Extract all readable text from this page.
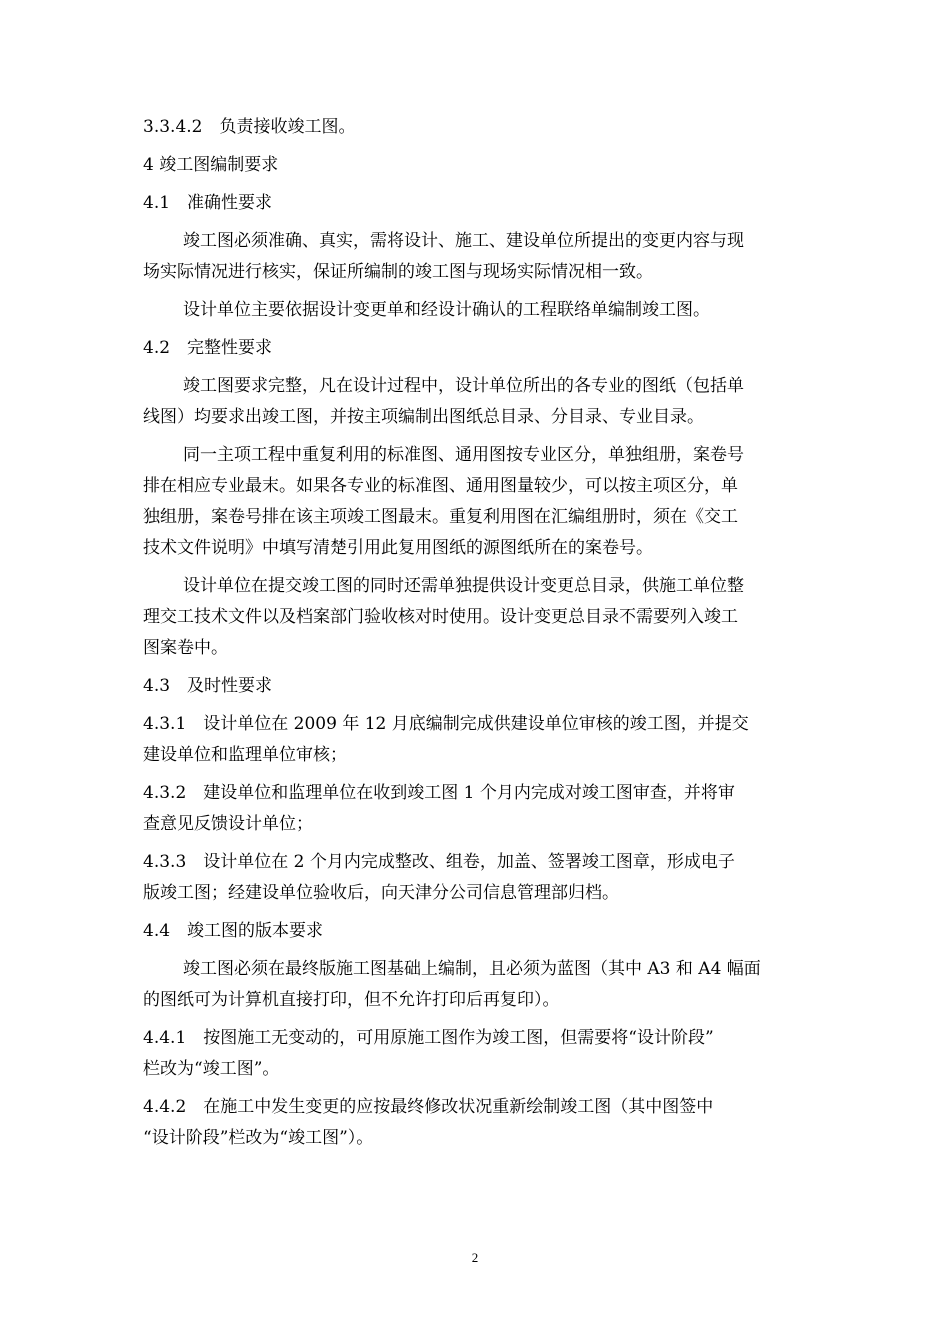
3.3.4.2　负责接收竣工图。
4 竣工图编制要求
4.1　准确性要求
竣工图必须准确、真实，需将设计、施工、建设单位所提出的变更内容与现
场实际情况进行核实，保证所编制的竣工图与现场实际情况相一致。
设计单位主要依据设计变更单和经设计确认的工程联络单编制竣工图。
4.2　完整性要求
竣工图要求完整，凡在设计过程中，设计单位所出的各专业的图纸（包括单
线图）均要求出竣工图，并按主项编制出图纸总目录、分目录、专业目录。
同一主项工程中重复利用的标准图、通用图按专业区分，单独组册，案卷号
排在相应专业最末。如果各专业的标准图、通用图量较少，可以按主项区分，单
独组册，案卷号排在该主项竣工图最末。重复利用图在汇编组册时，须在《交工
技术文件说明》中填写清楚引用此复用图纸的源图纸所在的案卷号。
设计单位在提交竣工图的同时还需单独提供设计变更总目录，供施工单位整
理交工技术文件以及档案部门验收核对时使用。设计变更总目录不需要列入竣工
图案卷中。
4.3　及时性要求
4.3.1　设计单位在 2009 年 12 月底编制完成供建设单位审核的竣工图，并提交
建设单位和监理单位审核；
4.3.2　建设单位和监理单位在收到竣工图 1 个月内完成对竣工图审查，并将审
查意见反馈设计单位；
4.3.3　设计单位在 2 个月内完成整改、组卷，加盖、签署竣工图章，形成电子
版竣工图；经建设单位验收后，向天津分公司信息管理部归档。
4.4　竣工图的版本要求
竣工图必须在最终版施工图基础上编制，且必须为蓝图（其中 A3 和 A4 幅面
的图纸可为计算机直接打印，但不允许打印后再复印）。
4.4.1　按图施工无变动的，可用原施工图作为竣工图，但需要将“设计阶段”
栏改为“竣工图”。
4.4.2　在施工中发生变更的应按最终修改状况重新绘制竣工图（其中图签中
“设计阶段”栏改为“竣工图”）。
2
